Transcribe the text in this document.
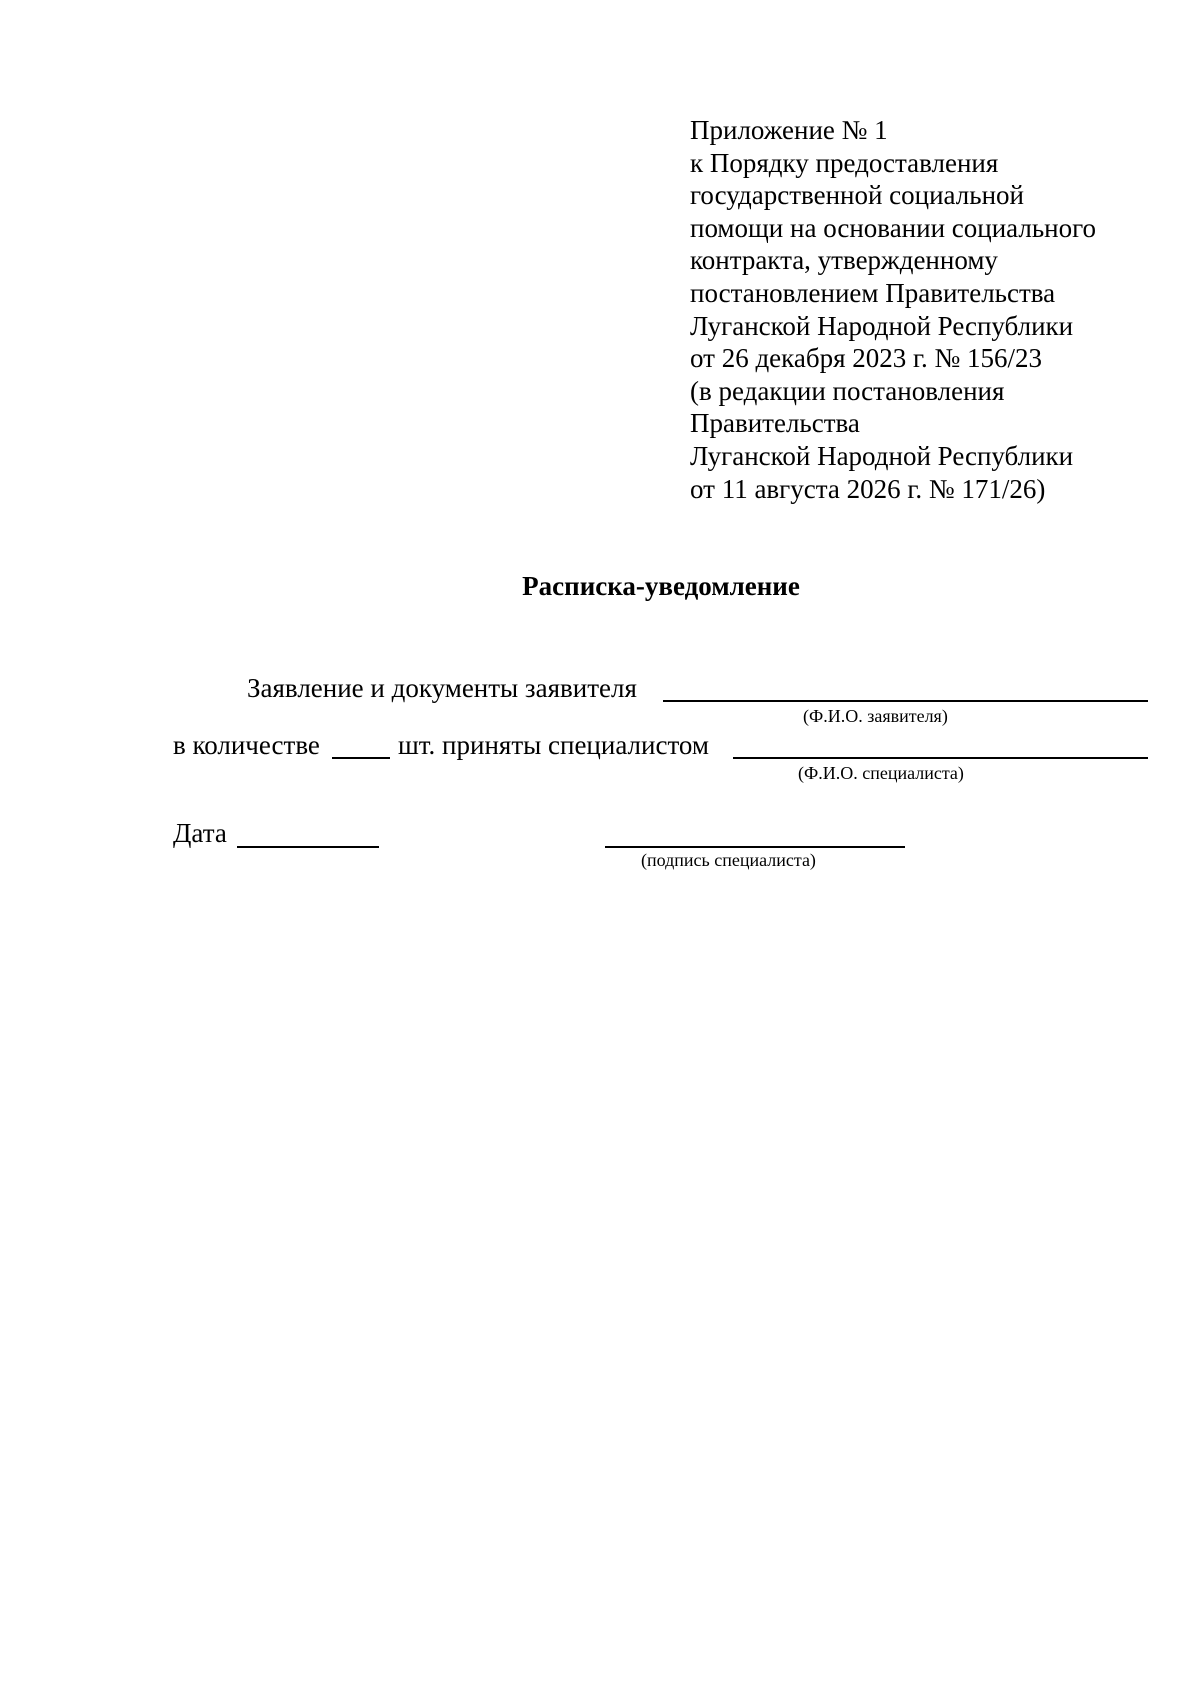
Приложение № 1
к Порядку предоставления
государственной социальной
помощи на основании социального
контракта, утвержденному
постановлением Правительства
Луганской Народной Республики
от 26 декабря 2023 г. № 156/23
(в редакции постановления
Правительства
Луганской Народной Республики
от 11 августа 2026 г. № 171/26)
Расписка-уведомление
Заявление и документы заявителя
(Ф.И.О. заявителя)
в количестве	шт. приняты специалистом
(Ф.И.О. специалиста)
Дата
(подпись специалиста)
